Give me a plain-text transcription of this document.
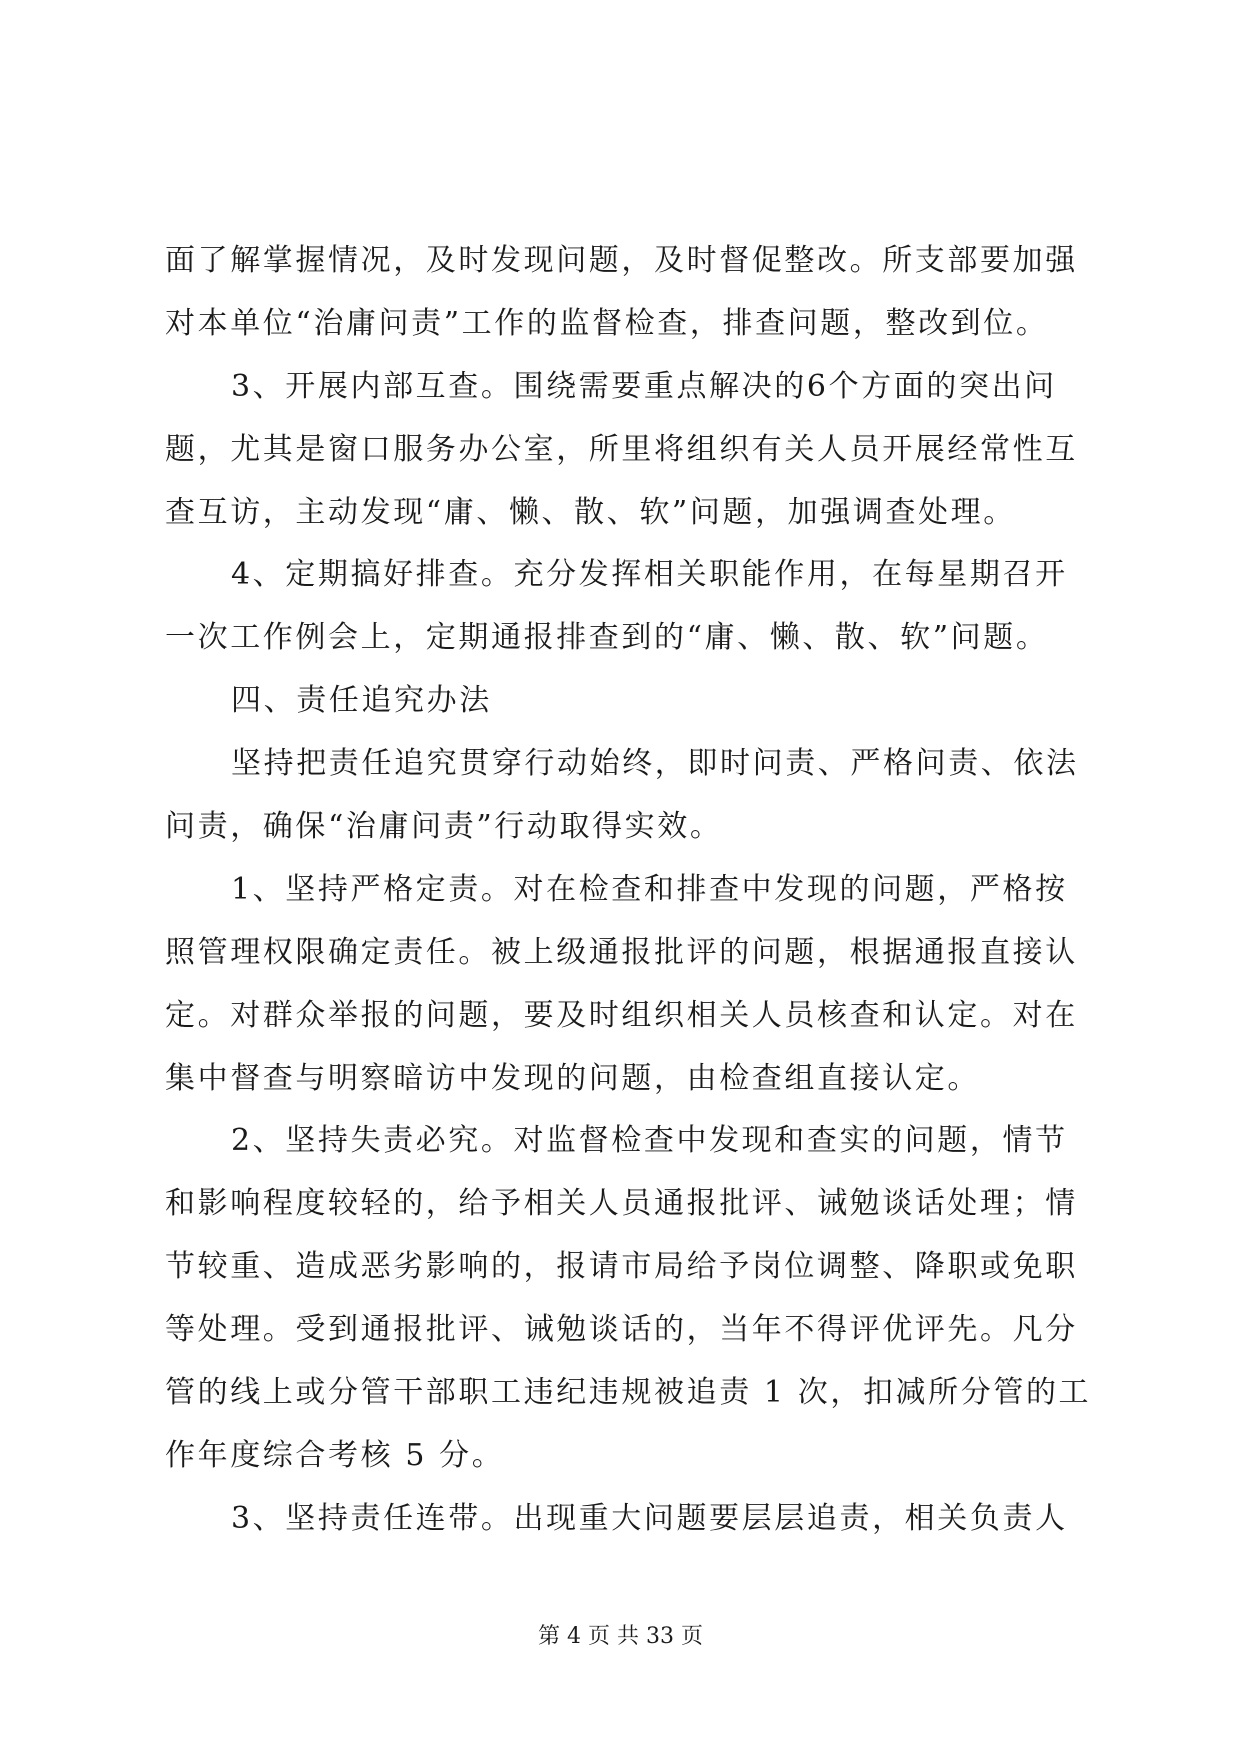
面了解掌握情况，及时发现问题，及时督促整改。所支部要加强
对本单位“治庸问责”工作的监督检查，排查问题，整改到位。
3、开展内部互查。围绕需要重点解决的6个方面的突出问
题，尤其是窗口服务办公室，所里将组织有关人员开展经常性互
查互访，主动发现“庸、懒、散、软”问题，加强调查处理。
4、定期搞好排查。充分发挥相关职能作用，在每星期召开
一次工作例会上，定期通报排查到的“庸、懒、散、软”问题。
四、责任追究办法
坚持把责任追究贯穿行动始终，即时问责、严格问责、依法
问责，确保“治庸问责”行动取得实效。
1、坚持严格定责。对在检查和排查中发现的问题，严格按
照管理权限确定责任。被上级通报批评的问题，根据通报直接认
定。对群众举报的问题，要及时组织相关人员核查和认定。对在
集中督查与明察暗访中发现的问题，由检查组直接认定。
2、坚持失责必究。对监督检查中发现和查实的问题，情节
和影响程度较轻的，给予相关人员通报批评、诫勉谈话处理；情
节较重、造成恶劣影响的，报请市局给予岗位调整、降职或免职
等处理。受到通报批评、诫勉谈话的，当年不得评优评先。凡分
管的线上或分管干部职工违纪违规被追责 1 次，扣减所分管的工
作年度综合考核 5 分。
3、坚持责任连带。出现重大问题要层层追责，相关负责人
第 4 页 共 33 页
